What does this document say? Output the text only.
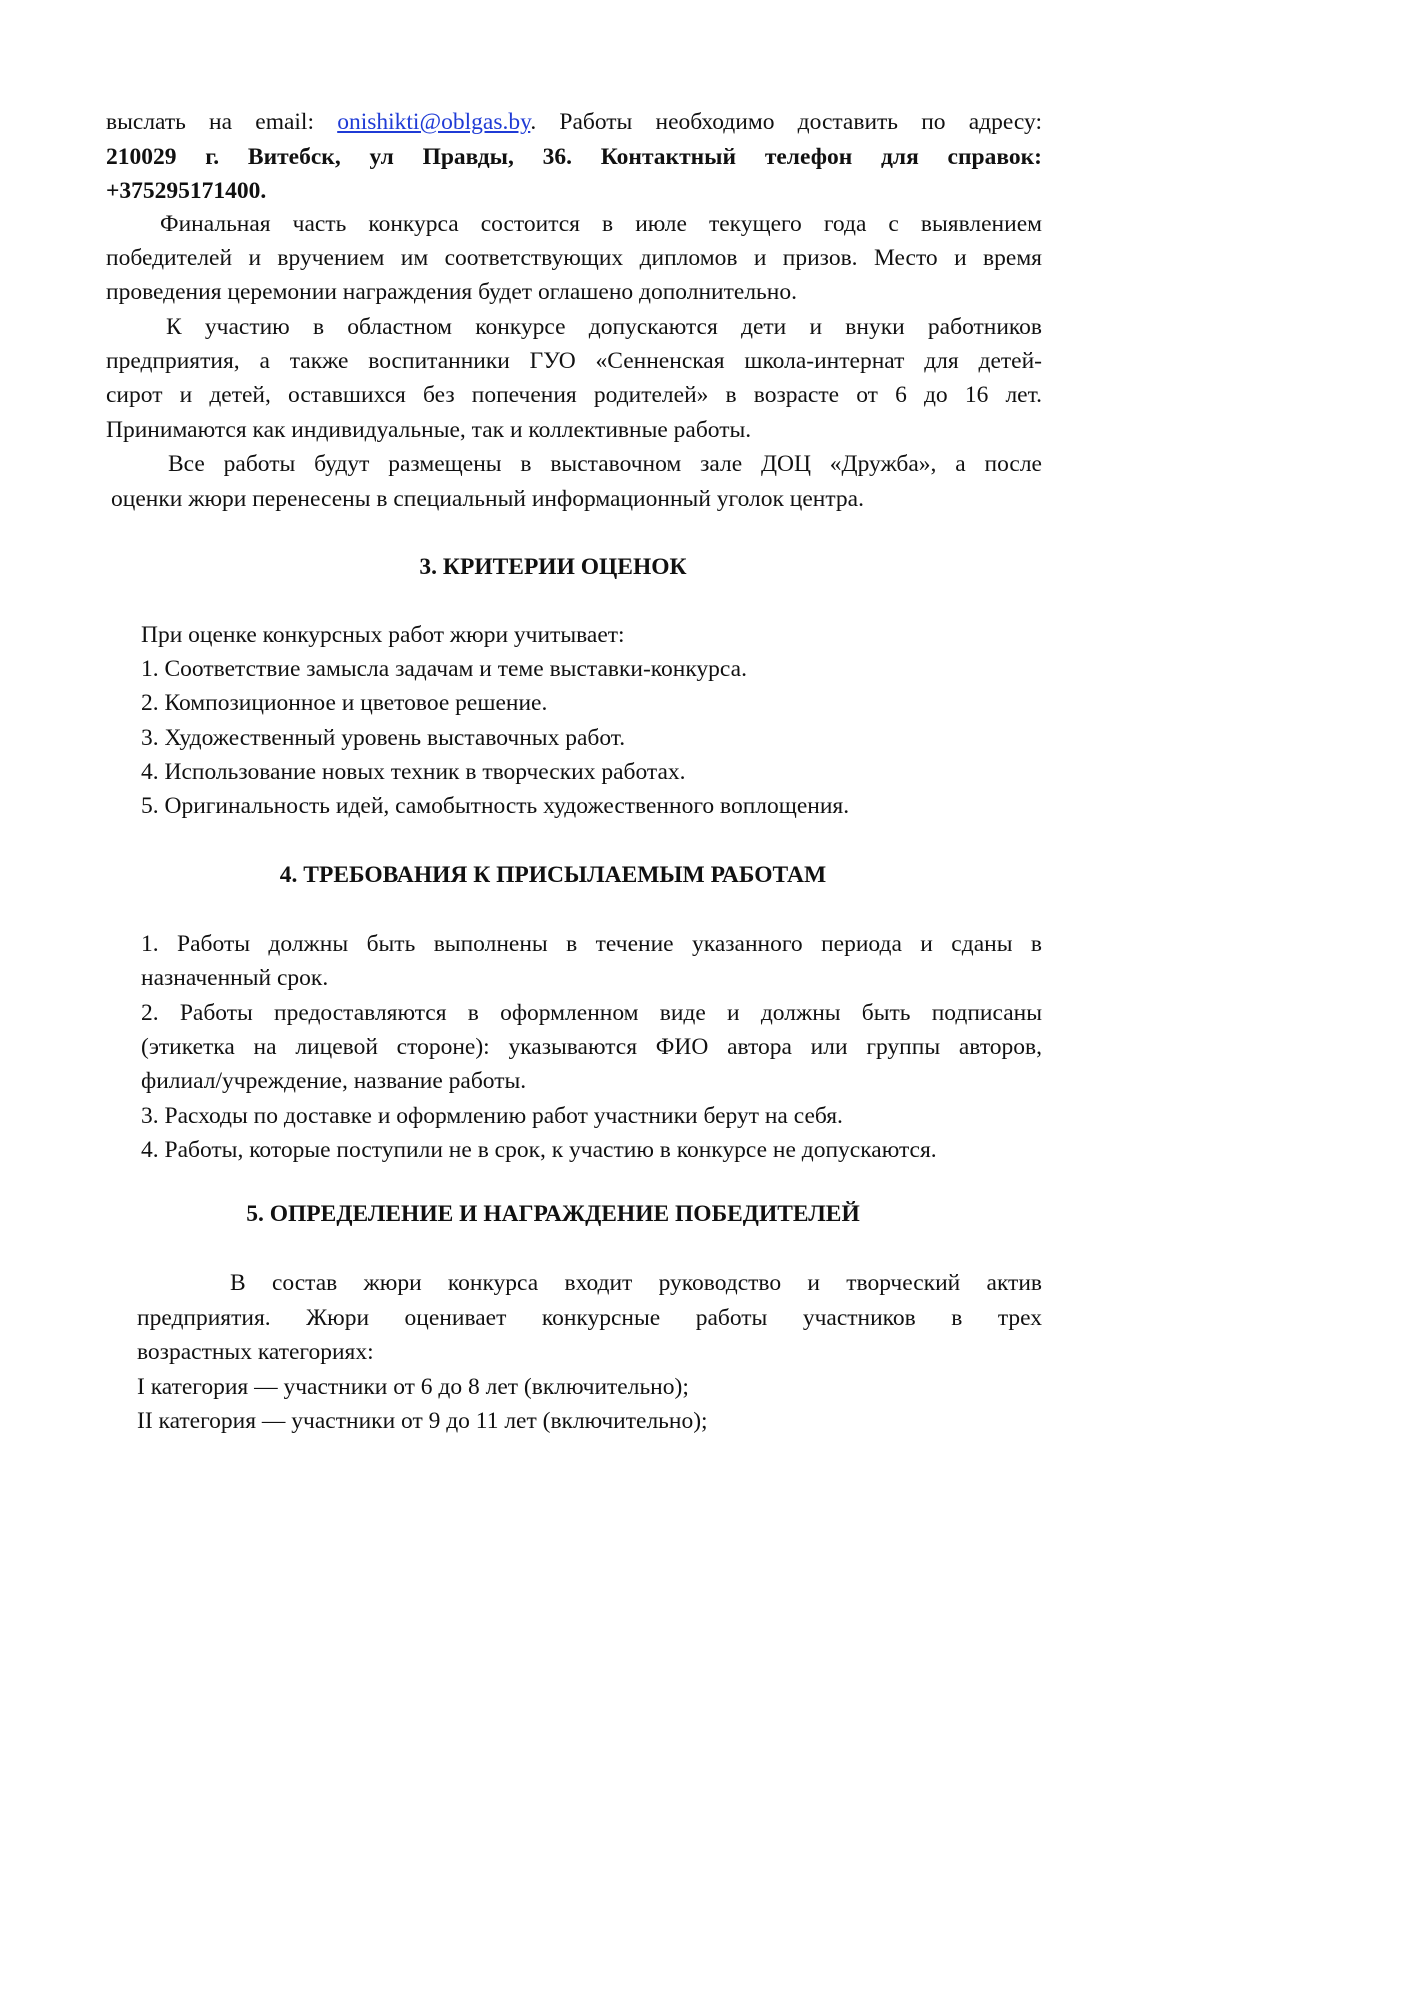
выслать на email: onishikti@oblgas.by. Работы необходимо доставить по адресу:
210029 г. Витебск, ул Правды, 36. Контактный телефон для справок:
+375295171400.
Финальная часть конкурса состоится в июле текущего года с выявлением
победителей и вручением им соответствующих дипломов и призов. Место и время
проведения церемонии награждения будет оглашено дополнительно.
К участию в областном конкурсе допускаются дети и внуки работников
предприятия, а также воспитанники ГУО «Сенненская школа-интернат для детей-
сирот и детей, оставшихся без попечения родителей» в возрасте от 6 до 16 лет.
Принимаются как индивидуальные, так и коллективные работы.
Все работы будут размещены в выставочном зале ДОЦ «Дружба», а после
оценки жюри перенесены в специальный информационный уголок центра.
3. КРИТЕРИИ ОЦЕНОК
При оценке конкурсных работ жюри учитывает:
1. Соответствие замысла задачам и теме выставки-конкурса.
2. Композиционное и цветовое решение.
3. Художественный уровень выставочных работ.
4. Использование новых техник в творческих работах.
5. Оригинальность идей, самобытность художественного воплощения.
4. ТРЕБОВАНИЯ К ПРИСЫЛАЕМЫМ РАБОТАМ
1. Работы должны быть выполнены в течение указанного периода и сданы в
назначенный срок.
2. Работы предоставляются в оформленном виде и должны быть подписаны
(этикетка на лицевой стороне): указываются ФИО автора или группы авторов,
филиал/учреждение, название работы.
3. Расходы по доставке и оформлению работ участники берут на себя.
4. Работы, которые поступили не в срок, к участию в конкурсе не допускаются.
5. ОПРЕДЕЛЕНИЕ И НАГРАЖДЕНИЕ ПОБЕДИТЕЛЕЙ
В состав жюри конкурса входит руководство и творческий актив
предприятия. Жюри оценивает конкурсные работы участников в трех
возрастных категориях:
I категория — участники от 6 до 8 лет (включительно);
II категория — участники от 9 до 11 лет (включительно);
